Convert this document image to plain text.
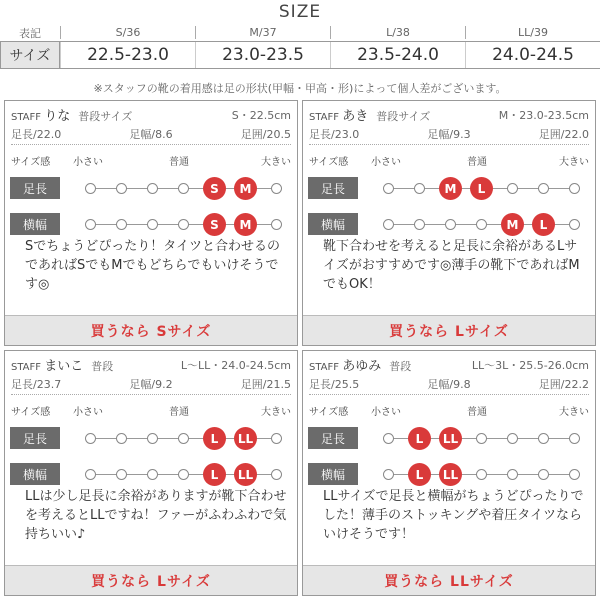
SIZE
表記	S/36	M/37	L/38	LL/39
サイズ	22.5-23.0	23.0-23.5	23.5-24.0	24.0-24.5
※スタッフの靴の着用感は足の形状(甲幅・甲高・形)によって個人差がございます。
STAFF りな 普段サイズ	S・22.5cm
足長/22.0	足幅/8.6	足囲/20.5
サイズ感 小さい	普通	大きい
足長	S	M
横幅	S	M
Sでちょうどぴったり！タイツと合わせるのであればSでもMでもどちらでもいけそうです◎
買うなら Sサイズ
STAFF あき 普段サイズ	M・23.0-23.5cm
足長/23.0	足幅/9.3	足囲/22.0
サイズ感 小さい	普通	大きい
足長	M	L
横幅	M	L
靴下合わせを考えると足長に余裕があるLサイズがおすすめです◎薄手の靴下であればMでもOK！
買うなら Lサイズ
STAFF まいこ 普段	L～LL・24.0-24.5cm
足長/23.7	足幅/9.2	足囲/21.5
サイズ感 小さい	普通	大きい
足長	L	LL
横幅	L	LL
LLは少し足長に余裕がありますが靴下合わせを考えるとLLですね！ファーがふわふわで気持ちいい♪
買うなら Lサイズ
STAFF あゆみ 普段	LL～3L・25.5-26.0cm
足長/25.5	足幅/9.8	足囲/22.2
サイズ感 小さい	普通	大きい
足長	L	LL
横幅	L	LL
LLサイズで足長と横幅がちょうどぴったりでした！薄手のストッキングや着圧タイツならいけそうです！
買うなら LLサイズ
